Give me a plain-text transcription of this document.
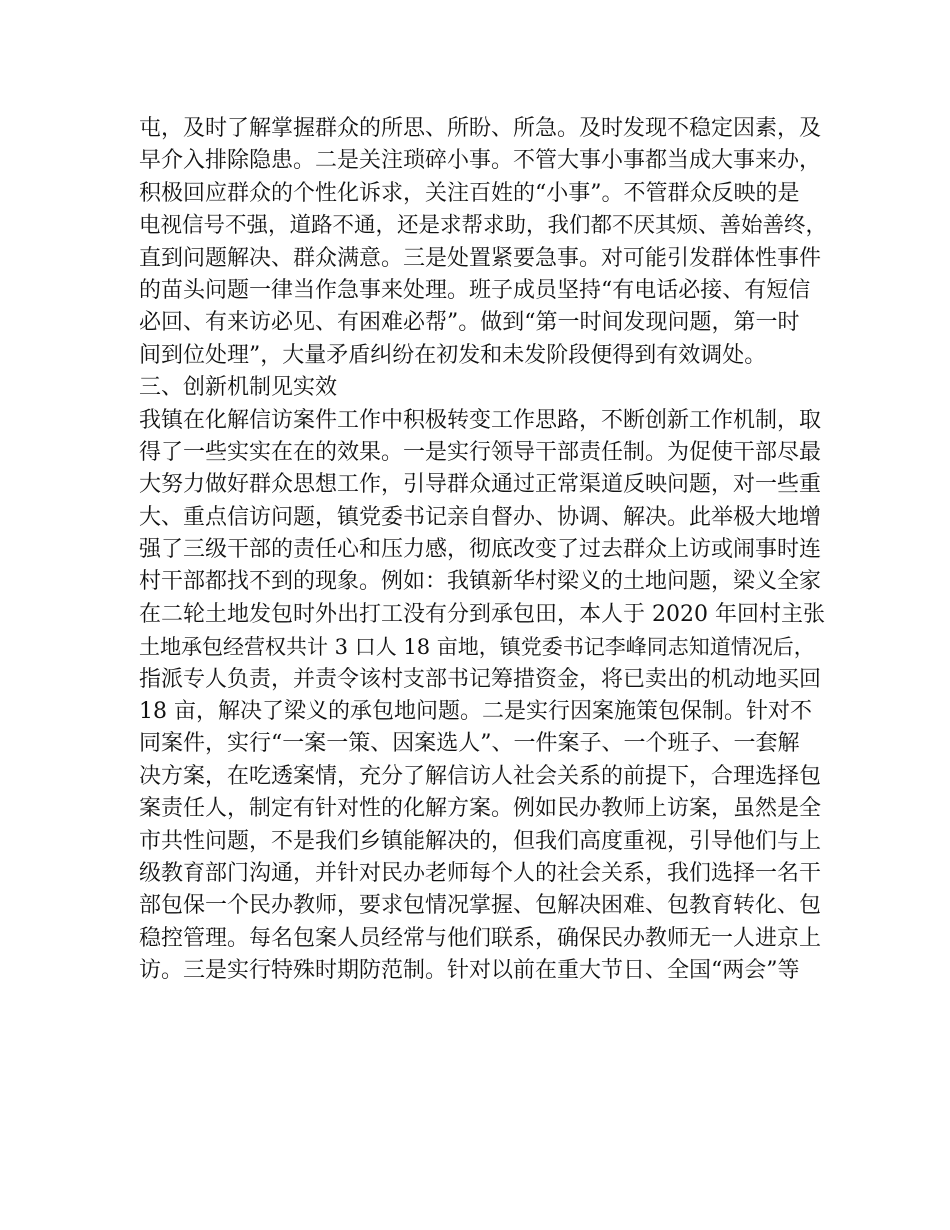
屯，及时了解掌握群众的所思、所盼、所急。及时发现不稳定因素，及
早介入排除隐患。二是关注琐碎小事。不管大事小事都当成大事来办，
积极回应群众的个性化诉求，关注百姓的“小事”。不管群众反映的是
电视信号不强，道路不通，还是求帮求助，我们都不厌其烦、善始善终，
直到问题解决、群众满意。三是处置紧要急事。对可能引发群体性事件
的苗头问题一律当作急事来处理。班子成员坚持“有电话必接、有短信
必回、有来访必见、有困难必帮”。做到“第一时间发现问题，第一时
间到位处理”，大量矛盾纠纷在初发和未发阶段便得到有效调处。
三、创新机制见实效
我镇在化解信访案件工作中积极转变工作思路，不断创新工作机制，取
得了一些实实在在的效果。一是实行领导干部责任制。为促使干部尽最
大努力做好群众思想工作，引导群众通过正常渠道反映问题，对一些重
大、重点信访问题，镇党委书记亲自督办、协调、解决。此举极大地增
强了三级干部的责任心和压力感，彻底改变了过去群众上访或闹事时连
村干部都找不到的现象。例如：我镇新华村梁义的土地问题，梁义全家
在二轮土地发包时外出打工没有分到承包田，本人于 2020 年回村主张
土地承包经营权共计 3 口人 18 亩地，镇党委书记李峰同志知道情况后，
指派专人负责，并责令该村支部书记筹措资金，将已卖出的机动地买回
18 亩，解决了梁义的承包地问题。二是实行因案施策包保制。针对不
同案件，实行“一案一策、因案选人”、一件案子、一个班子、一套解
决方案，在吃透案情，充分了解信访人社会关系的前提下，合理选择包
案责任人，制定有针对性的化解方案。例如民办教师上访案，虽然是全
市共性问题，不是我们乡镇能解决的，但我们高度重视，引导他们与上
级教育部门沟通，并针对民办老师每个人的社会关系，我们选择一名干
部包保一个民办教师，要求包情况掌握、包解决困难、包教育转化、包
稳控管理。每名包案人员经常与他们联系，确保民办教师无一人进京上
访。三是实行特殊时期防范制。针对以前在重大节日、全国“两会”等
